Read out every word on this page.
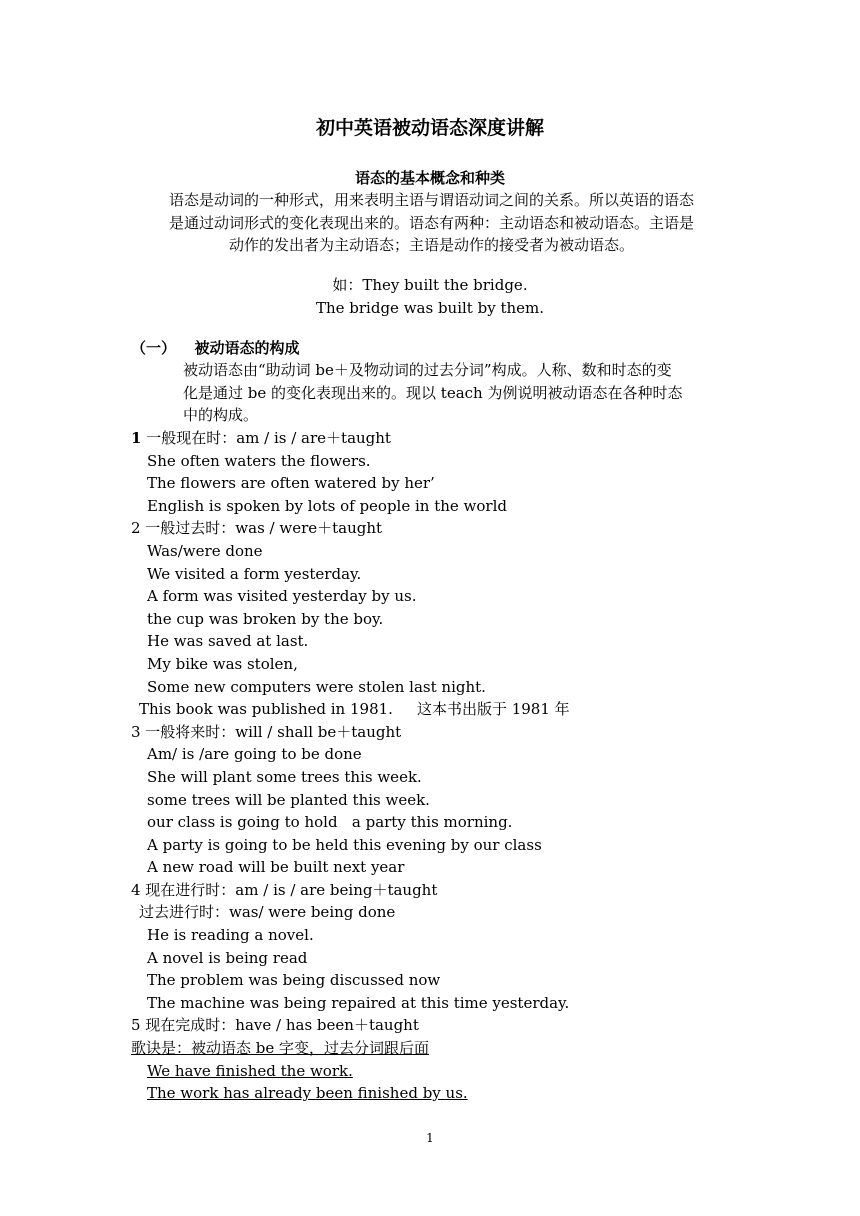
初中英语被动语态深度讲解
语态的基本概念和种类
语态是动词的一种形式，用来表明主语与谓语动词之间的关系。所以英语的语态
是通过动词形式的变化表现出来的。语态有两种：主动语态和被动语态。主语是
动作的发出者为主动语态；主语是动作的接受者为被动语态。
如：They built the bridge.
The bridge was built by them.
（一） 被动语态的构成
被动语态由“助动词 be＋及物动词的过去分词”构成。人称、数和时态的变
化是通过 be 的变化表现出来的。现以 teach 为例说明被动语态在各种时态
中的构成。
1 一般现在时：am / is / are＋taught
She often waters the flowers.
The flowers are often watered by her’
English is spoken by lots of people in the world
2 一般过去时：was / were＋taught
Was/were done
We visited a form yesterday.
A form was visited yesterday by us.
the cup was broken by the boy.
He was saved at last.
My bike was stolen,
Some new computers were stolen last night.
This book was published in 1981. 这本书出版于 1981 年
3 一般将来时：will / shall be＋taught
Am/ is /are going to be done
She will plant some trees this week.
some trees will be planted this week.
our class is going to hold   a party this morning.
A party is going to be held this evening by our class
A new road will be built next year
4 现在进行时：am / is / are being＋taught
过去进行时：was/ were being done
He is reading a novel.
A novel is being read
The problem was being discussed now
The machine was being repaired at this time yesterday.
5 现在完成时：have / has been＋taught
歌诀是：被动语态 be 字变，过去分词跟后面
We have finished the work.
The work has already been finished by us.
1
